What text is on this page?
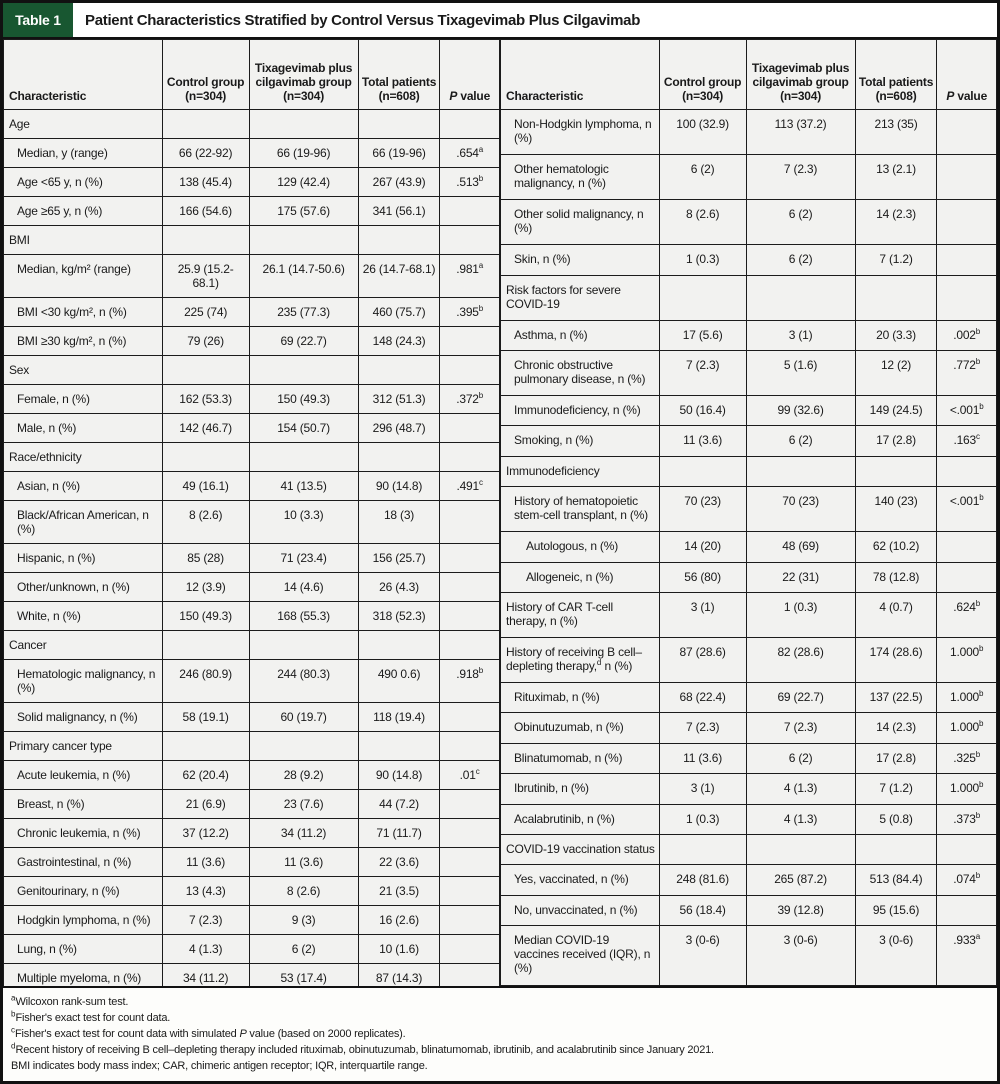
Table 1	Patient Characteristics Stratified by Control Versus Tixagevimab Plus Cilgavimab
Characteristic	Control group (n=304)	Tixagevimab plus cilgavimab group (n=304)	Total patients (n=608)	P value
Age				
Median, y (range)	66 (22-92)	66 (19-96)	66 (19-96)	.654$^a$
Age <65 y, n (%)	138 (45.4)	129 (42.4)	267 (43.9)	.513$^b$
Age ≥65 y, n (%)	166 (54.6)	175 (57.6)	341 (56.1)	
BMI				
Median, kg/m² (range)	25.9 (15.2-68.1)	26.1 (14.7-50.6)	26 (14.7-68.1)	.981$^a$
BMI <30 kg/m², n (%)	225 (74)	235 (77.3)	460 (75.7)	.395$^b$
BMI ≥30 kg/m², n (%)	79 (26)	69 (22.7)	148 (24.3)	
Sex				
Female, n (%)	162 (53.3)	150 (49.3)	312 (51.3)	.372$^b$
Male, n (%)	142 (46.7)	154 (50.7)	296 (48.7)	
Race/ethnicity				
Asian, n (%)	49 (16.1)	41 (13.5)	90 (14.8)	.491$^c$
Black/African American, n (%)	8 (2.6)	10 (3.3)	18 (3)	
Hispanic, n (%)	85 (28)	71 (23.4)	156 (25.7)	
Other/unknown, n (%)	12 (3.9)	14 (4.6)	26 (4.3)	
White, n (%)	150 (49.3)	168 (55.3)	318 (52.3)	
Cancer				
Hematologic malignancy, n (%)	246 (80.9)	244 (80.3)	490 0.6)	.918$^b$
Solid malignancy, n (%)	58 (19.1)	60 (19.7)	118 (19.4)	
Primary cancer type				
Acute leukemia, n (%)	62 (20.4)	28 (9.2)	90 (14.8)	.01$^c$
Breast, n (%)	21 (6.9)	23 (7.6)	44 (7.2)	
Chronic leukemia, n (%)	37 (12.2)	34 (11.2)	71 (11.7)	
Gastrointestinal, n (%)	11 (3.6)	11 (3.6)	22 (3.6)	
Genitourinary, n (%)	13 (4.3)	8 (2.6)	21 (3.5)	
Hodgkin lymphoma, n (%)	7 (2.3)	9 (3)	16 (2.6)	
Lung, n (%)	4 (1.3)	6 (2)	10 (1.6)	
Multiple myeloma, n (%)	34 (11.2)	53 (17.4)	87 (14.3)	
Characteristic	Control group (n=304)	Tixagevimab plus cilgavimab group (n=304)	Total patients (n=608)	P value
Non-Hodgkin lymphoma, n (%)	100 (32.9)	113 (37.2)	213 (35)	
Other hematologic malignancy, n (%)	6 (2)	7 (2.3)	13 (2.1)	
Other solid malignancy, n (%)	8 (2.6)	6 (2)	14 (2.3)	
Skin, n (%)	1 (0.3)	6 (2)	7 (1.2)	
Risk factors for severe COVID-19				
Asthma, n (%)	17 (5.6)	3 (1)	20 (3.3)	.002$^b$
Chronic obstructive pulmonary disease, n (%)	7 (2.3)	5 (1.6)	12 (2)	.772$^b$
Immunodeficiency, n (%)	50 (16.4)	99 (32.6)	149 (24.5)	<.001$^b$
Smoking, n (%)	11 (3.6)	6 (2)	17 (2.8)	.163$^c$
Immunodeficiency				
History of hematopoietic stem-cell transplant, n (%)	70 (23)	70 (23)	140 (23)	<.001$^b$
Autologous, n (%)	14 (20)	48 (69)	62 (10.2)	
Allogeneic, n (%)	56 (80)	22 (31)	78 (12.8)	
History of CAR T-cell therapy, n (%)	3 (1)	1 (0.3)	4 (0.7)	.624$^b$
History of receiving B cell–depleting therapy,$^d$ n (%)	87 (28.6)	82 (28.6)	174 (28.6)	1.000$^b$
Rituximab, n (%)	68 (22.4)	69 (22.7)	137 (22.5)	1.000$^b$
Obinutuzumab, n (%)	7 (2.3)	7 (2.3)	14 (2.3)	1.000$^b$
Blinatumomab, n (%)	11 (3.6)	6 (2)	17 (2.8)	.325$^b$
Ibrutinib, n (%)	3 (1)	4 (1.3)	7 (1.2)	1.000$^b$
Acalabrutinib, n (%)	1 (0.3)	4 (1.3)	5 (0.8)	.373$^b$
COVID-19 vaccination status				
Yes, vaccinated, n (%)	248 (81.6)	265 (87.2)	513 (84.4)	.074$^b$
No, unvaccinated, n (%)	56 (18.4)	39 (12.8)	95 (15.6)	
Median COVID-19 vaccines received (IQR), n (%)	3 (0-6)	3 (0-6)	3 (0-6)	.933$^a$
$^a$Wilcoxon rank-sum test.
$^b$Fisher's exact test for count data.
$^c$Fisher's exact test for count data with simulated P value (based on 2000 replicates).
$^d$Recent history of receiving B cell–depleting therapy included rituximab, obinutuzumab, blinatumomab, ibrutinib, and acalabrutinib since January 2021.
BMI indicates body mass index; CAR, chimeric antigen receptor; IQR, interquartile range.
